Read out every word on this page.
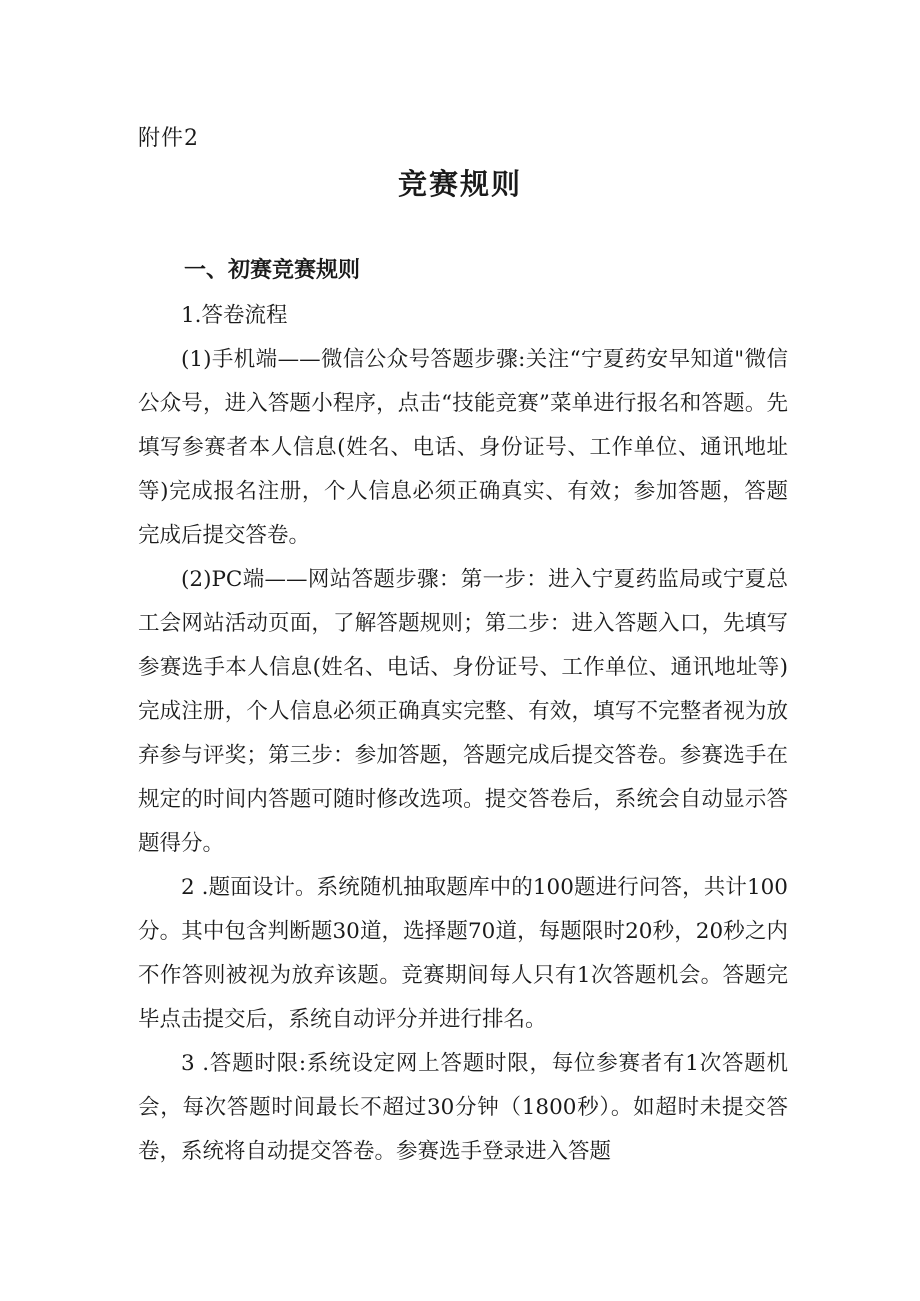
附件2
竞赛规则
一、初赛竞赛规则

1.答卷流程

(1)手机端——微信公众号答题步骤:关注“宁夏药安早知道"微信公众号，进入答题小程序，点击“技能竞赛”菜单进行报名和答题。先填写参赛者本人信息(姓名、电话、身份证号、工作单位、通讯地址等)完成报名注册，个人信息必须正确真实、有效；参加答题，答题完成后提交答卷。

(2)PC端——网站答题步骤：第一步：进入宁夏药监局或宁夏总工会网站活动页面，了解答题规则；第二步：进入答题入口，先填写参赛选手本人信息(姓名、电话、身份证号、工作单位、通讯地址等)完成注册，个人信息必须正确真实完整、有效，填写不完整者视为放弃参与评奖；第三步：参加答题，答题完成后提交答卷。参赛选手在规定的时间内答题可随时修改选项。提交答卷后，系统会自动显示答题得分。

2 .题面设计。系统随机抽取题库中的100题进行问答，共计100分。其中包含判断题30道，选择题70道，每题限时20秒，20秒之内不作答则被视为放弃该题。竞赛期间每人只有1次答题机会。答题完毕点击提交后，系统自动评分并进行排名。

3 .答题时限:系统设定网上答题时限，每位参赛者有1次答题机会，每次答题时间最长不超过30分钟（1800秒）。如超时未提交答卷，系统将自动提交答卷。参赛选手登录进入答题
